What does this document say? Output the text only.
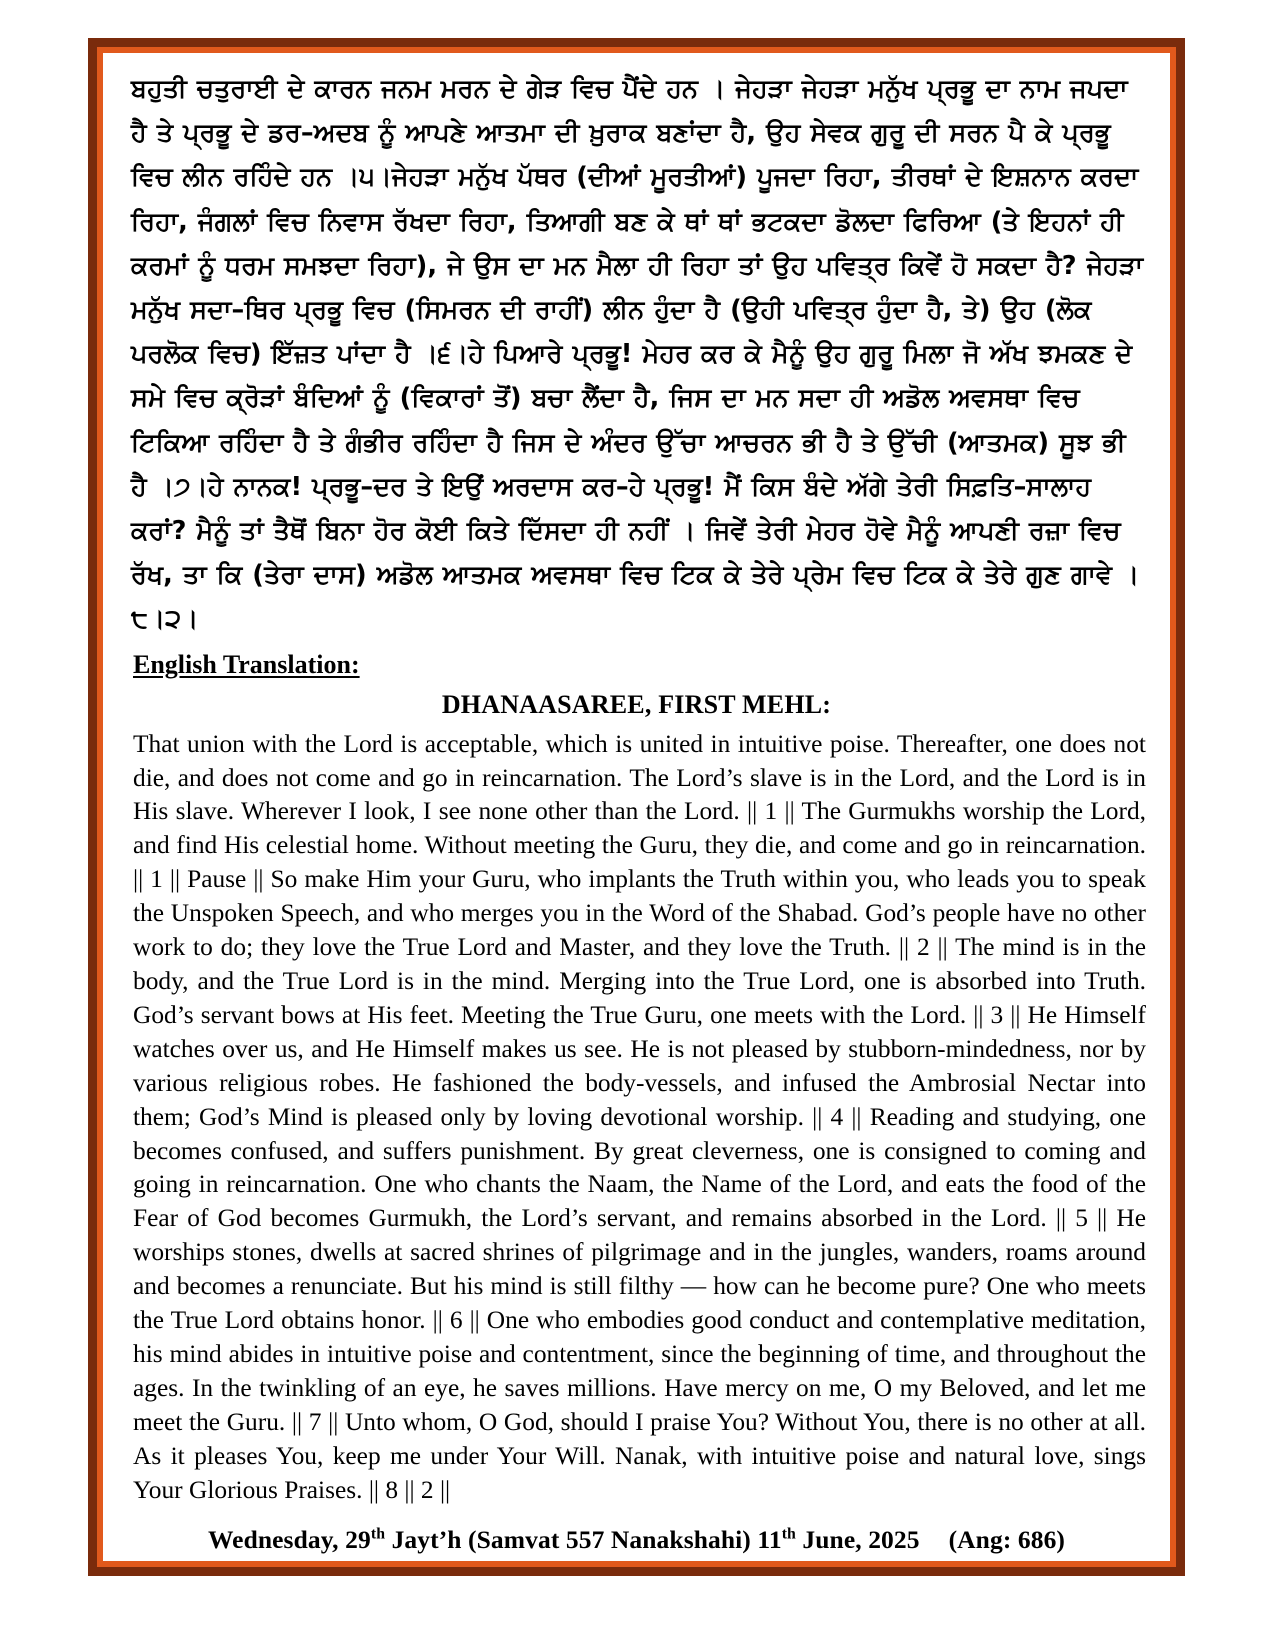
ਬਹੁਤੀ ਚਤੁਰਾਈ ਦੇ ਕਾਰਨ ਜਨਮ ਮਰਨ ਦੇ ਗੇੜ ਵਿਚ ਪੈਂਦੇ ਹਨ । ਜੇਹੜਾ ਜੇਹੜਾ ਮਨੁੱਖ ਪ੍ਰਭੂ ਦਾ ਨਾਮ ਜਪਦਾ ਹੈ ਤੇ ਪ੍ਰਭੂ ਦੇ ਡਰ–ਅਦਬ ਨੂੰ ਆਪਣੇ ਆਤਮਾ ਦੀ ਖ਼ੁਰਾਕ ਬਣਾਂਦਾ ਹੈ, ਉਹ ਸੇਵਕ ਗੁਰੂ ਦੀ ਸਰਨ ਪੈ ਕੇ ਪ੍ਰਭੂ ਵਿਚ ਲੀਨ ਰਹਿੰਦੇ ਹਨ ।੫।ਜੇਹੜਾ ਮਨੁੱਖ ਪੱਥਰ (ਦੀਆਂ ਮੂਰਤੀਆਂ) ਪੂਜਦਾ ਰਿਹਾ, ਤੀਰਥਾਂ ਦੇ ਇਸ਼ਨਾਨ ਕਰਦਾ ਰਿਹਾ, ਜੰਗਲਾਂ ਵਿਚ ਨਿਵਾਸ ਰੱਖਦਾ ਰਿਹਾ, ਤਿਆਗੀ ਬਣ ਕੇ ਥਾਂ ਥਾਂ ਭਟਕਦਾ ਡੋਲਦਾ ਫਿਰਿਆ (ਤੇ ਇਹਨਾਂ ਹੀ ਕਰਮਾਂ ਨੂੰ ਧਰਮ ਸਮਝਦਾ ਰਿਹਾ), ਜੇ ਉਸ ਦਾ ਮਨ ਮੈਲਾ ਹੀ ਰਿਹਾ ਤਾਂ ਉਹ ਪਵਿਤ੍ਰ ਕਿਵੇਂ ਹੋ ਸਕਦਾ ਹੈ? ਜੇਹੜਾ ਮਨੁੱਖ ਸਦਾ–ਥਿਰ ਪ੍ਰਭੂ ਵਿਚ (ਸਿਮਰਨ ਦੀ ਰਾਹੀਂ) ਲੀਨ ਹੁੰਦਾ ਹੈ (ਉਹੀ ਪਵਿਤ੍ਰ ਹੁੰਦਾ ਹੈ, ਤੇ) ਉਹ (ਲੋਕ ਪਰਲੋਕ ਵਿਚ) ਇੱਜ਼ਤ ਪਾਂਦਾ ਹੈ ।੬।ਹੇ ਪਿਆਰੇ ਪ੍ਰਭੂ! ਮੇਹਰ ਕਰ ਕੇ ਮੈਨੂੰ ਉਹ ਗੁਰੂ ਮਿਲਾ ਜੋ ਅੱਖ ਝਮਕਣ ਦੇ ਸਮੇ ਵਿਚ ਕ੍ਰੋੜਾਂ ਬੰਦਿਆਂ ਨੂੰ (ਵਿਕਾਰਾਂ ਤੋਂ) ਬਚਾ ਲੈਂਦਾ ਹੈ, ਜਿਸ ਦਾ ਮਨ ਸਦਾ ਹੀ ਅਡੋਲ ਅਵਸਥਾ ਵਿਚ ਟਿਕਿਆ ਰਹਿੰਦਾ ਹੈ ਤੇ ਗੰਭੀਰ ਰਹਿੰਦਾ ਹੈ ਜਿਸ ਦੇ ਅੰਦਰ ਉੱਚਾ ਆਚਰਨ ਭੀ ਹੈ ਤੇ ਉੱਚੀ (ਆਤਮਕ) ਸੂਝ ਭੀ ਹੈ ।੭।ਹੇ ਨਾਨਕ! ਪ੍ਰਭੂ–ਦਰ ਤੇ ਇਉਂ ਅਰਦਾਸ ਕਰ–ਹੇ ਪ੍ਰਭੂ! ਮੈਂ ਕਿਸ ਬੰਦੇ ਅੱਗੇ ਤੇਰੀ ਸਿਫ਼ਤਿ–ਸਾਲਾਹ ਕਰਾਂ? ਮੈਨੂੰ ਤਾਂ ਤੈਥੋਂ ਬਿਨਾ ਹੋਰ ਕੋਈ ਕਿਤੇ ਦਿੱਸਦਾ ਹੀ ਨਹੀਂ । ਜਿਵੇਂ ਤੇਰੀ ਮੇਹਰ ਹੋਵੇ ਮੈਨੂੰ ਆਪਣੀ ਰਜ਼ਾ ਵਿਚ ਰੱਖ, ਤਾ ਕਿ (ਤੇਰਾ ਦਾਸ) ਅਡੋਲ ਆਤਮਕ ਅਵਸਥਾ ਵਿਚ ਟਿਕ ਕੇ ਤੇਰੇ ਪ੍ਰੇਮ ਵਿਚ ਟਿਕ ਕੇ ਤੇਰੇ ਗੁਣ ਗਾਵੇ ।੮।੨।

English Translation:
DHANAASAREE, FIRST MEHL:
That union with the Lord is acceptable, which is united in intuitive poise. Thereafter, one does not die, and does not come and go in reincarnation. The Lord’s slave is in the Lord, and the Lord is in His slave. Wherever I look, I see none other than the Lord. || 1 || The Gurmukhs worship the Lord, and find His celestial home. Without meeting the Guru, they die, and come and go in reincarnation. || 1 || Pause || So make Him your Guru, who implants the Truth within you, who leads you to speak the Unspoken Speech, and who merges you in the Word of the Shabad. God’s people have no other work to do; they love the True Lord and Master, and they love the Truth. || 2 || The mind is in the body, and the True Lord is in the mind. Merging into the True Lord, one is absorbed into Truth. God’s servant bows at His feet. Meeting the True Guru, one meets with the Lord. || 3 || He Himself watches over us, and He Himself makes us see. He is not pleased by stubborn-mindedness, nor by various religious robes. He fashioned the body-vessels, and infused the Ambrosial Nectar into them; God’s Mind is pleased only by loving devotional worship. || 4 || Reading and studying, one becomes confused, and suffers punishment. By great cleverness, one is consigned to coming and going in reincarnation. One who chants the Naam, the Name of the Lord, and eats the food of the Fear of God becomes Gurmukh, the Lord’s servant, and remains absorbed in the Lord. || 5 || He worships stones, dwells at sacred shrines of pilgrimage and in the jungles, wanders, roams around and becomes a renunciate. But his mind is still filthy — how can he become pure? One who meets the True Lord obtains honor. || 6 || One who embodies good conduct and contemplative meditation, his mind abides in intuitive poise and contentment, since the beginning of time, and throughout the ages. In the twinkling of an eye, he saves millions. Have mercy on me, O my Beloved, and let me meet the Guru. || 7 || Unto whom, O God, should I praise You? Without You, there is no other at all. As it pleases You, keep me under Your Will. Nanak, with intuitive poise and natural love, sings Your Glorious Praises. || 8 || 2 ||
Wednesday, 29th Jayt’h (Samvat 557 Nanakshahi) 11th June, 2025 (Ang: 686)
